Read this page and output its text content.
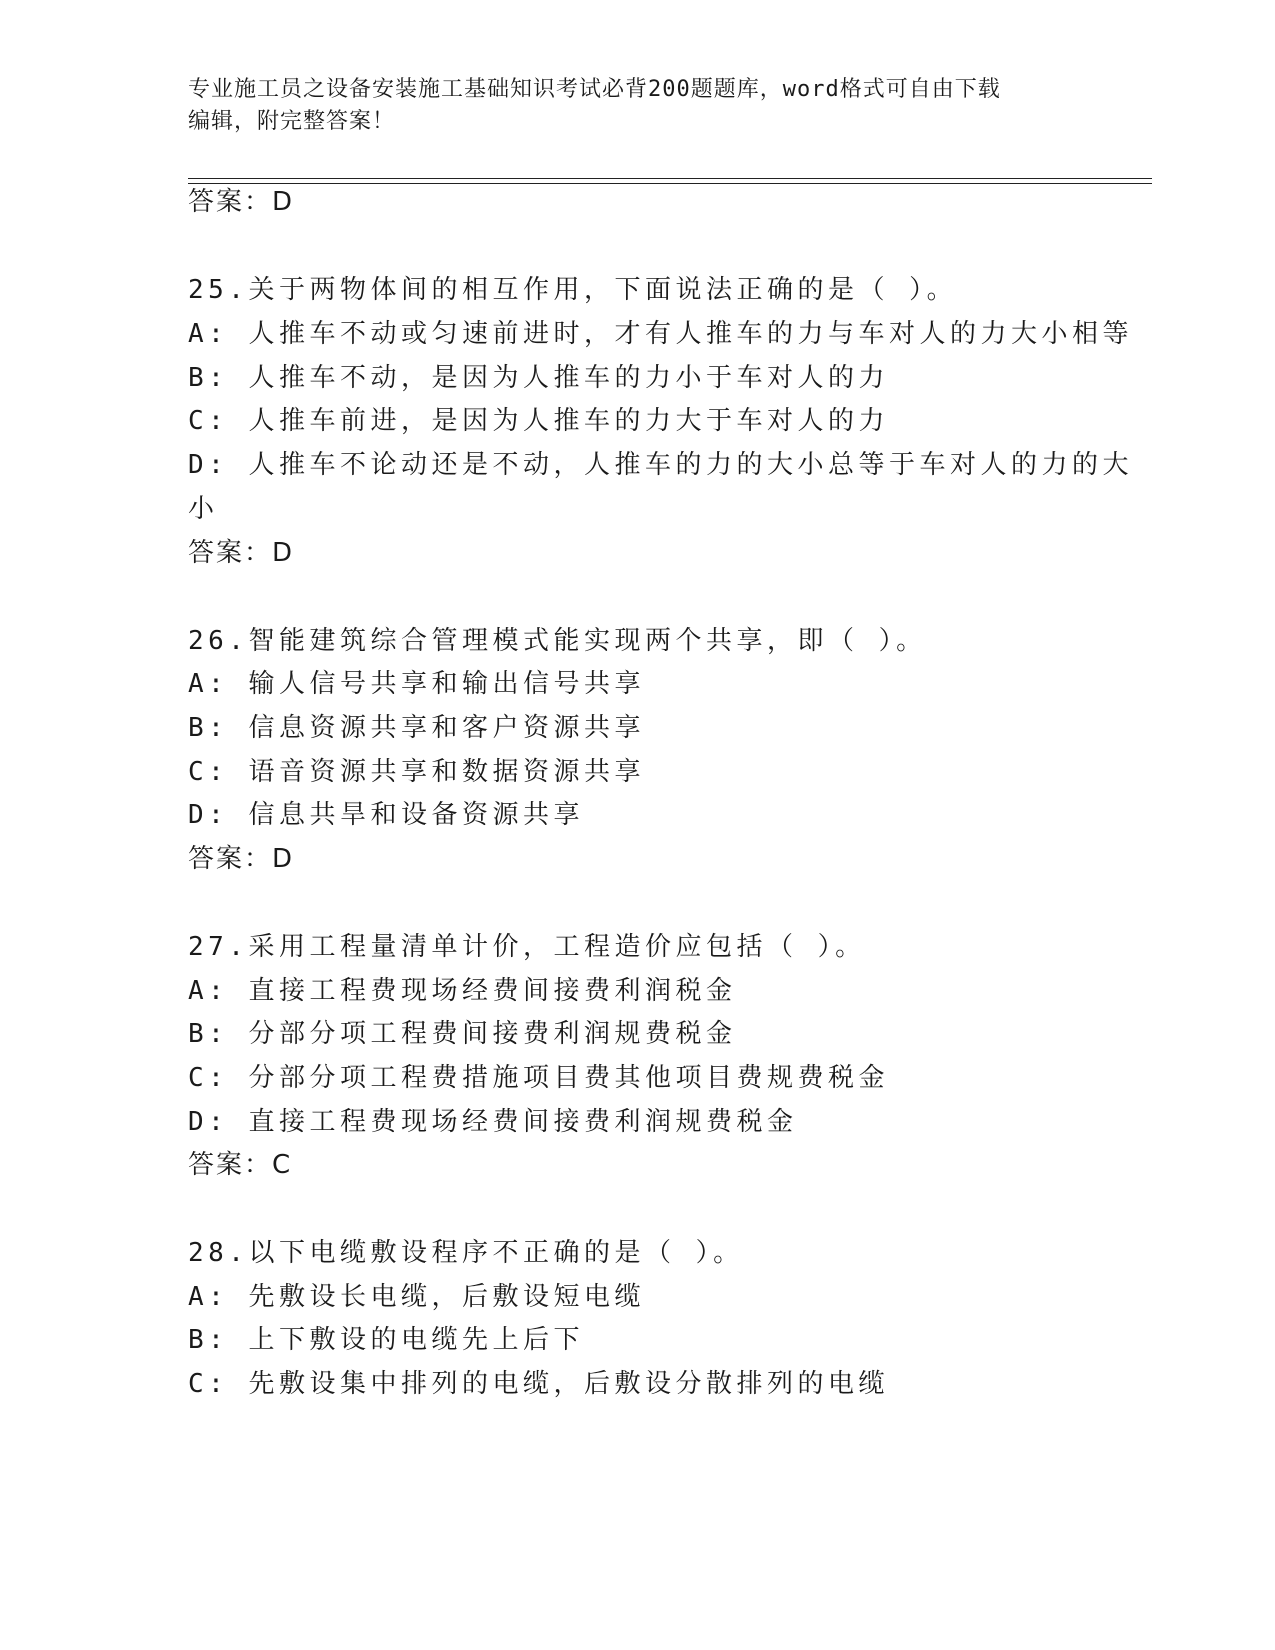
专业施工员之设备安装施工基础知识考试必背200题题库，word格式可自由下载
编辑，附完整答案！
答案：D
25.关于两物体间的相互作用，下面说法正确的是（ ）。
A: 人推车不动或匀速前进时，才有人推车的力与车对人的力大小相等
B: 人推车不动，是因为人推车的力小于车对人的力
C: 人推车前进，是因为人推车的力大于车对人的力
D: 人推车不论动还是不动，人推车的力的大小总等于车对人的力的大
小
答案：D
26.智能建筑综合管理模式能实现两个共享，即（ ）。
A: 输人信号共享和输出信号共享
B: 信息资源共享和客户资源共享
C: 语音资源共享和数据资源共享
D: 信息共旱和设备资源共享
答案：D
27.采用工程量清单计价，工程造价应包括（ ）。
A: 直接工程费现场经费间接费利润税金
B: 分部分项工程费间接费利润规费税金
C: 分部分项工程费措施项目费其他项目费规费税金
D: 直接工程费现场经费间接费利润规费税金
答案：C
28.以下电缆敷设程序不正确的是（ ）。
A: 先敷设长电缆，后敷设短电缆
B: 上下敷设的电缆先上后下
C: 先敷设集中排列的电缆，后敷设分散排列的电缆
